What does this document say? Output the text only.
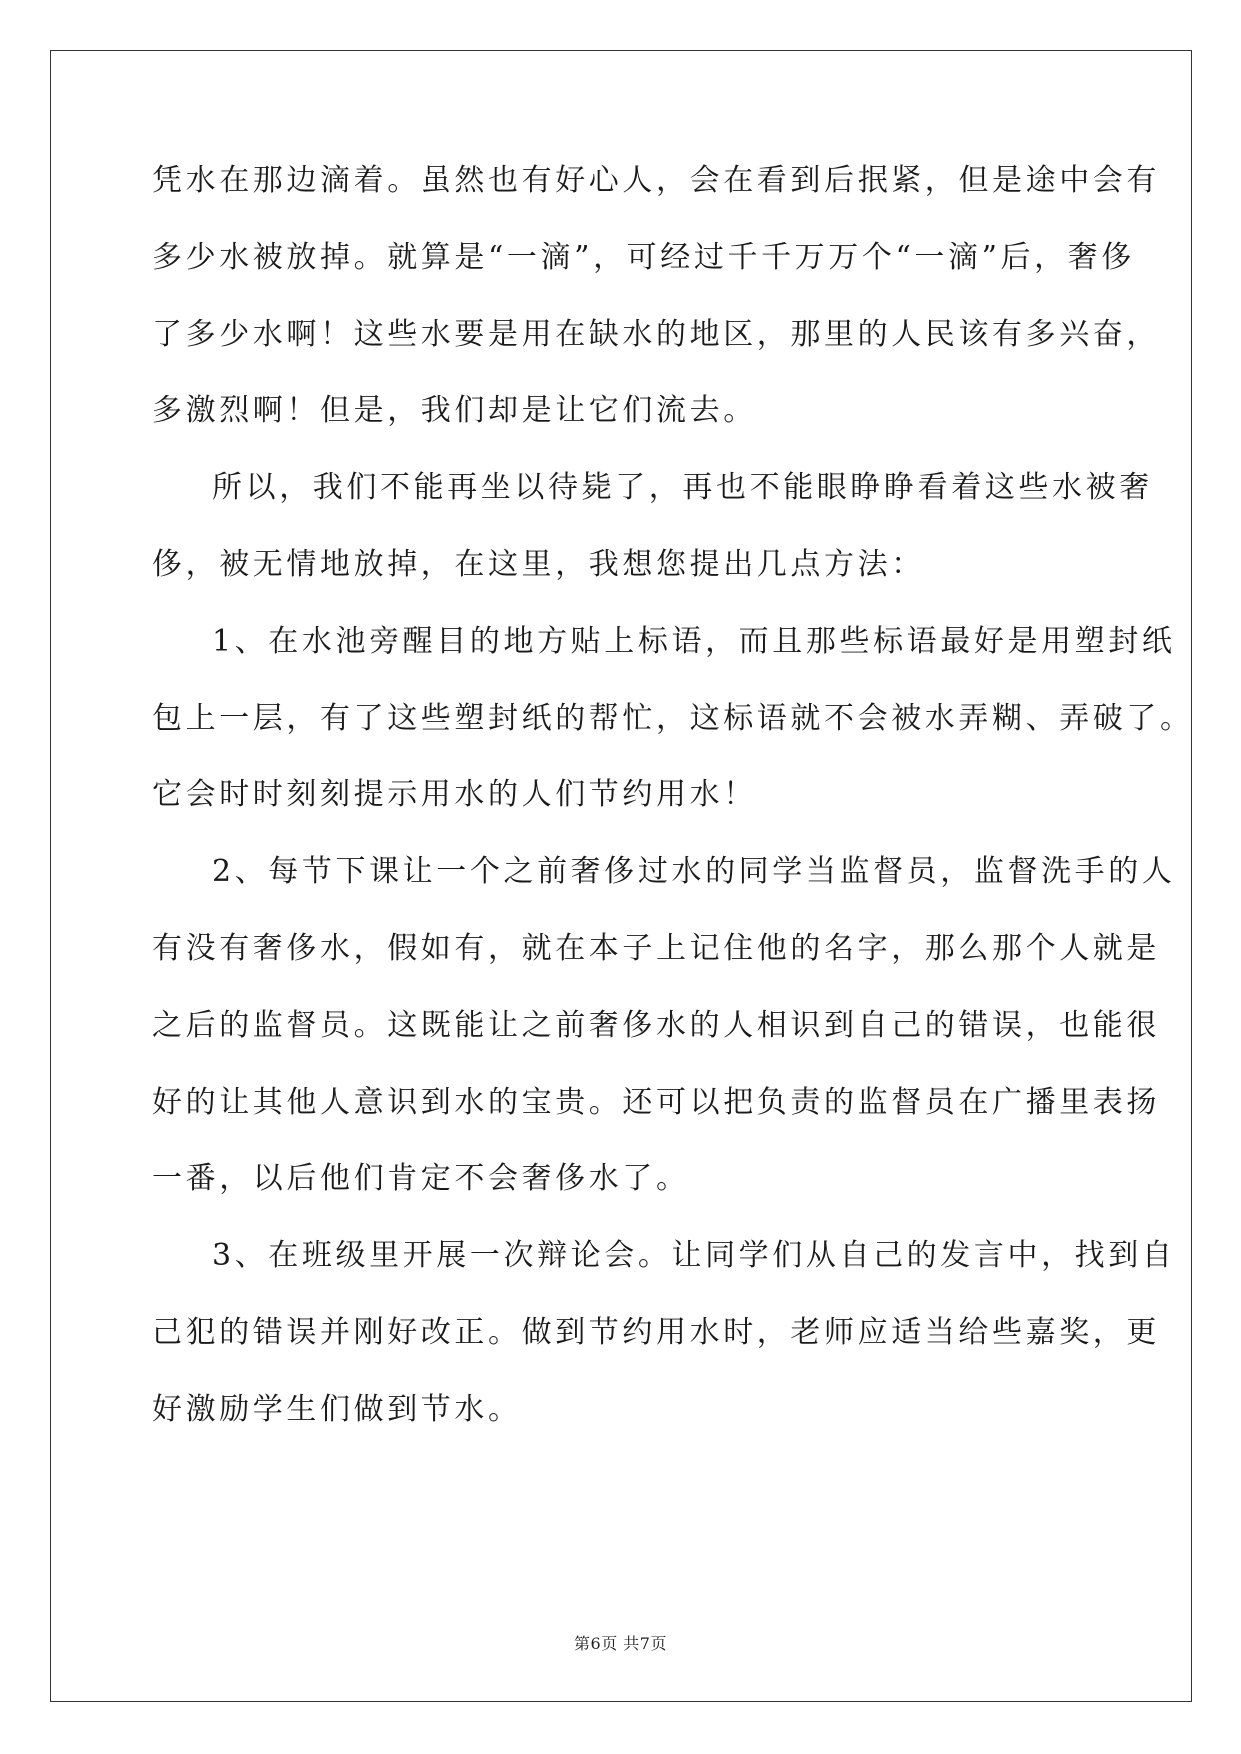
凭水在那边滴着。虽然也有好心人，会在看到后抿紧，但是途中会有
多少水被放掉。就算是“一滴”，可经过千千万万个“一滴”后，奢侈
了多少水啊！这些水要是用在缺水的地区，那里的人民该有多兴奋，
多激烈啊！但是，我们却是让它们流去。
所以，我们不能再坐以待毙了，再也不能眼睁睁看着这些水被奢
侈，被无情地放掉，在这里，我想您提出几点方法：
1、在水池旁醒目的地方贴上标语，而且那些标语最好是用塑封纸
包上一层，有了这些塑封纸的帮忙，这标语就不会被水弄糊、弄破了。
它会时时刻刻提示用水的人们节约用水！
2、每节下课让一个之前奢侈过水的同学当监督员，监督洗手的人
有没有奢侈水，假如有，就在本子上记住他的名字，那么那个人就是
之后的监督员。这既能让之前奢侈水的人相识到自己的错误，也能很
好的让其他人意识到水的宝贵。还可以把负责的监督员在广播里表扬
一番，以后他们肯定不会奢侈水了。
3、在班级里开展一次辩论会。让同学们从自己的发言中，找到自
己犯的错误并刚好改正。做到节约用水时，老师应适当给些嘉奖，更
好激励学生们做到节水。
第6页 共7页
